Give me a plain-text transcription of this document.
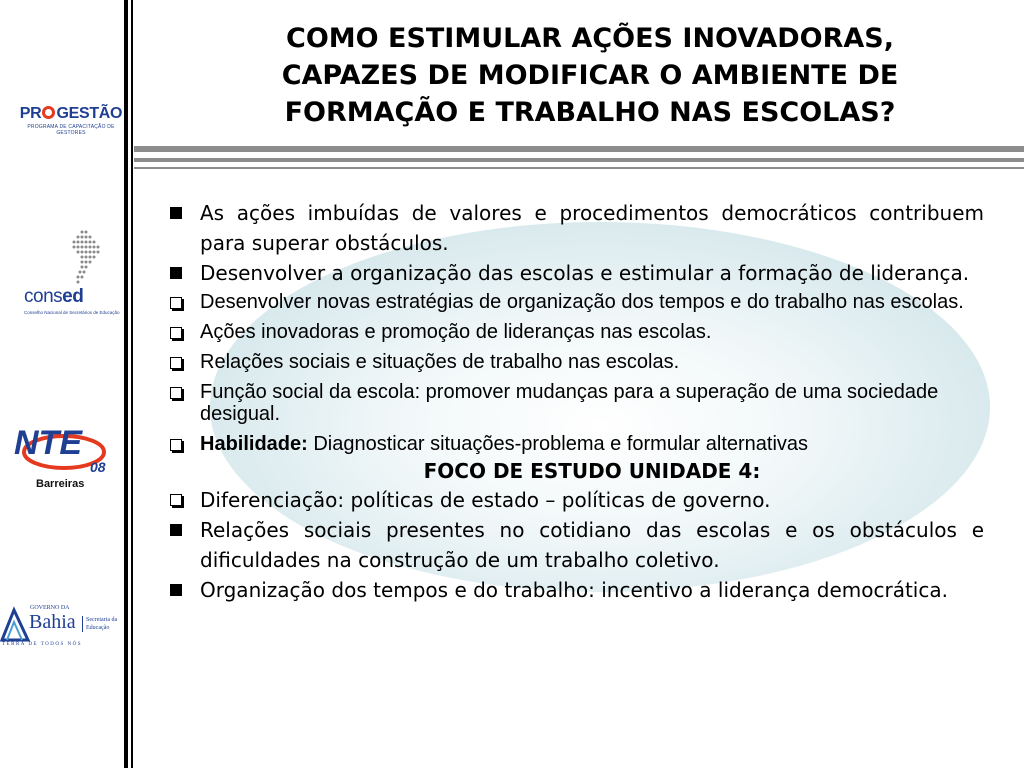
PR GESTÃO
PROGRAMA DE CAPACITAÇÃO DE GESTORES
consed
Conselho Nacional de Secretários de Educação
NTE
08
Barreiras
GOVERNO DA
Bahia	Secretaria da Educação
TERRA DE TODOS NÓS
COMO ESTIMULAR AÇÕES INOVADORAS,
CAPAZES DE MODIFICAR O AMBIENTE DE
FORMAÇÃO E TRABALHO NAS ESCOLAS?
As ações imbuídas de valores e procedimentos democráticos contribuem para superar obstáculos.
Desenvolver a organização das escolas e estimular a formação de liderança.
Desenvolver novas estratégias de organização dos tempos e do trabalho nas escolas.
Ações inovadoras e promoção de lideranças nas escolas.
Relações sociais e situações de trabalho nas escolas.
Função social da escola: promover mudanças para a superação de uma sociedade desigual.
Habilidade: Diagnosticar situações-problema e formular alternativas
FOCO DE ESTUDO UNIDADE 4:
Diferenciação: políticas de estado – políticas de governo.
Relações sociais presentes no cotidiano das escolas e os obstáculos e dificuldades na construção de um trabalho coletivo.
Organização dos tempos e do trabalho: incentivo a liderança democrática.
